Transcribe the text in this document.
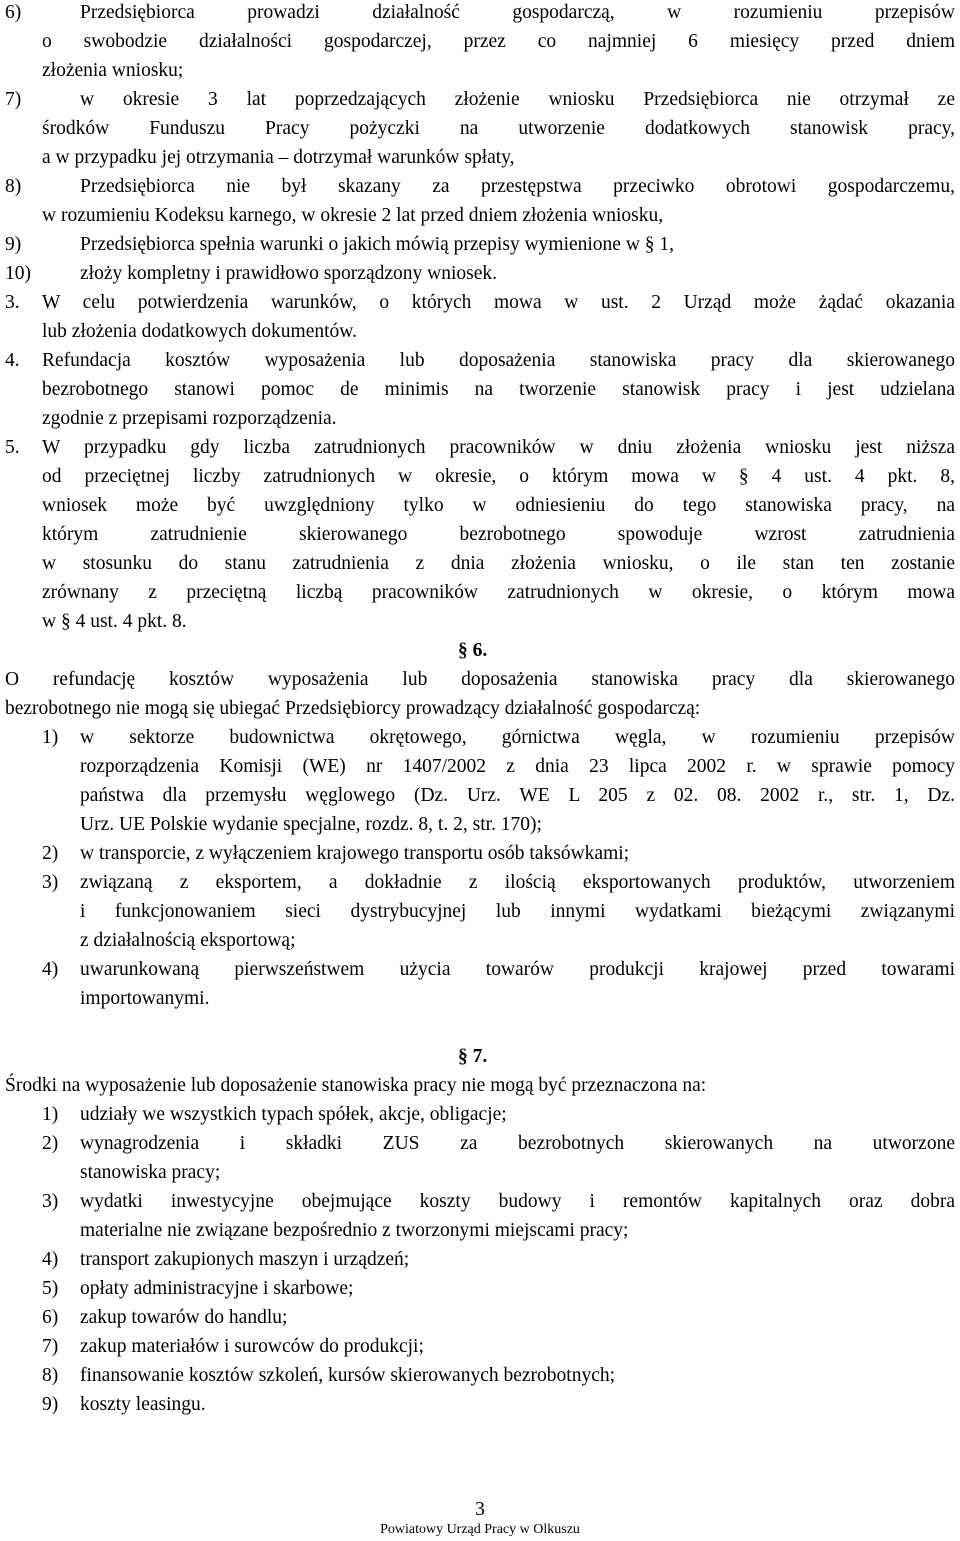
6)	Przedsiębiorca prowadzi działalność gospodarczą, w rozumieniu przepisów
o swobodzie działalności gospodarczej, przez co najmniej 6 miesięcy przed dniem
złożenia wniosku;
7)	w okresie 3 lat poprzedzających złożenie wniosku Przedsiębiorca nie otrzymał ze
środków Funduszu Pracy pożyczki na utworzenie dodatkowych stanowisk pracy,
a w przypadku jej otrzymania – dotrzymał warunków spłaty,
8)	Przedsiębiorca nie był skazany za przestępstwa przeciwko obrotowi gospodarczemu,
w rozumieniu Kodeksu karnego, w okresie 2 lat przed dniem złożenia wniosku,
9)	Przedsiębiorca spełnia warunki o jakich mówią przepisy wymienione w § 1,
10)	złoży kompletny i prawidłowo sporządzony wniosek.
3. W celu potwierdzenia warunków, o których mowa w ust. 2 Urząd może żądać okazania
lub złożenia dodatkowych dokumentów.
4. Refundacja kosztów wyposażenia lub doposażenia stanowiska pracy dla skierowanego
bezrobotnego stanowi pomoc de minimis na tworzenie stanowisk pracy i jest udzielana
zgodnie z przepisami rozporządzenia.
5. W przypadku gdy liczba zatrudnionych pracowników w dniu złożenia wniosku jest niższa
od przeciętnej liczby zatrudnionych w okresie, o którym mowa w § 4 ust. 4 pkt. 8,
wniosek może być uwzględniony tylko w odniesieniu do tego stanowiska pracy, na
którym zatrudnienie skierowanego bezrobotnego spowoduje wzrost zatrudnienia
w stosunku do stanu zatrudnienia z dnia złożenia wniosku, o ile stan ten zostanie
zrównany z przeciętną liczbą pracowników zatrudnionych w okresie, o którym mowa
w § 4 ust. 4 pkt. 8.
§ 6.
O refundację kosztów wyposażenia lub doposażenia stanowiska pracy dla skierowanego
bezrobotnego nie mogą się ubiegać Przedsiębiorcy prowadzący działalność gospodarczą:
1) w sektorze budownictwa okrętowego, górnictwa węgla, w rozumieniu przepisów
rozporządzenia Komisji (WE) nr 1407/2002 z dnia 23 lipca 2002 r. w sprawie pomocy
państwa dla przemysłu węglowego (Dz. Urz. WE L 205 z 02. 08. 2002 r., str. 1, Dz.
Urz. UE Polskie wydanie specjalne, rozdz. 8, t. 2, str. 170);
2) w transporcie, z wyłączeniem krajowego transportu osób taksówkami;
3) związaną z eksportem, a dokładnie z ilością eksportowanych produktów, utworzeniem
i funkcjonowaniem sieci dystrybucyjnej lub innymi wydatkami bieżącymi związanymi
z działalnością eksportową;
4) uwarunkowaną pierwszeństwem użycia towarów produkcji krajowej przed towarami
importowanymi.
§ 7.
Środki na wyposażenie lub doposażenie stanowiska pracy nie mogą być przeznaczona na:
1) udziały we wszystkich typach spółek, akcje, obligacje;
2) wynagrodzenia i składki ZUS za bezrobotnych skierowanych na utworzone
stanowiska pracy;
3) wydatki inwestycyjne obejmujące koszty budowy i remontów kapitalnych oraz dobra
materialne nie związane bezpośrednio z tworzonymi miejscami pracy;
4) transport zakupionych maszyn i urządzeń;
5) opłaty administracyjne i skarbowe;
6) zakup towarów do handlu;
7) zakup materiałów i surowców do produkcji;
8) finansowanie kosztów szkoleń, kursów skierowanych bezrobotnych;
9) koszty leasingu.
3
Powiatowy Urząd Pracy w Olkuszu
